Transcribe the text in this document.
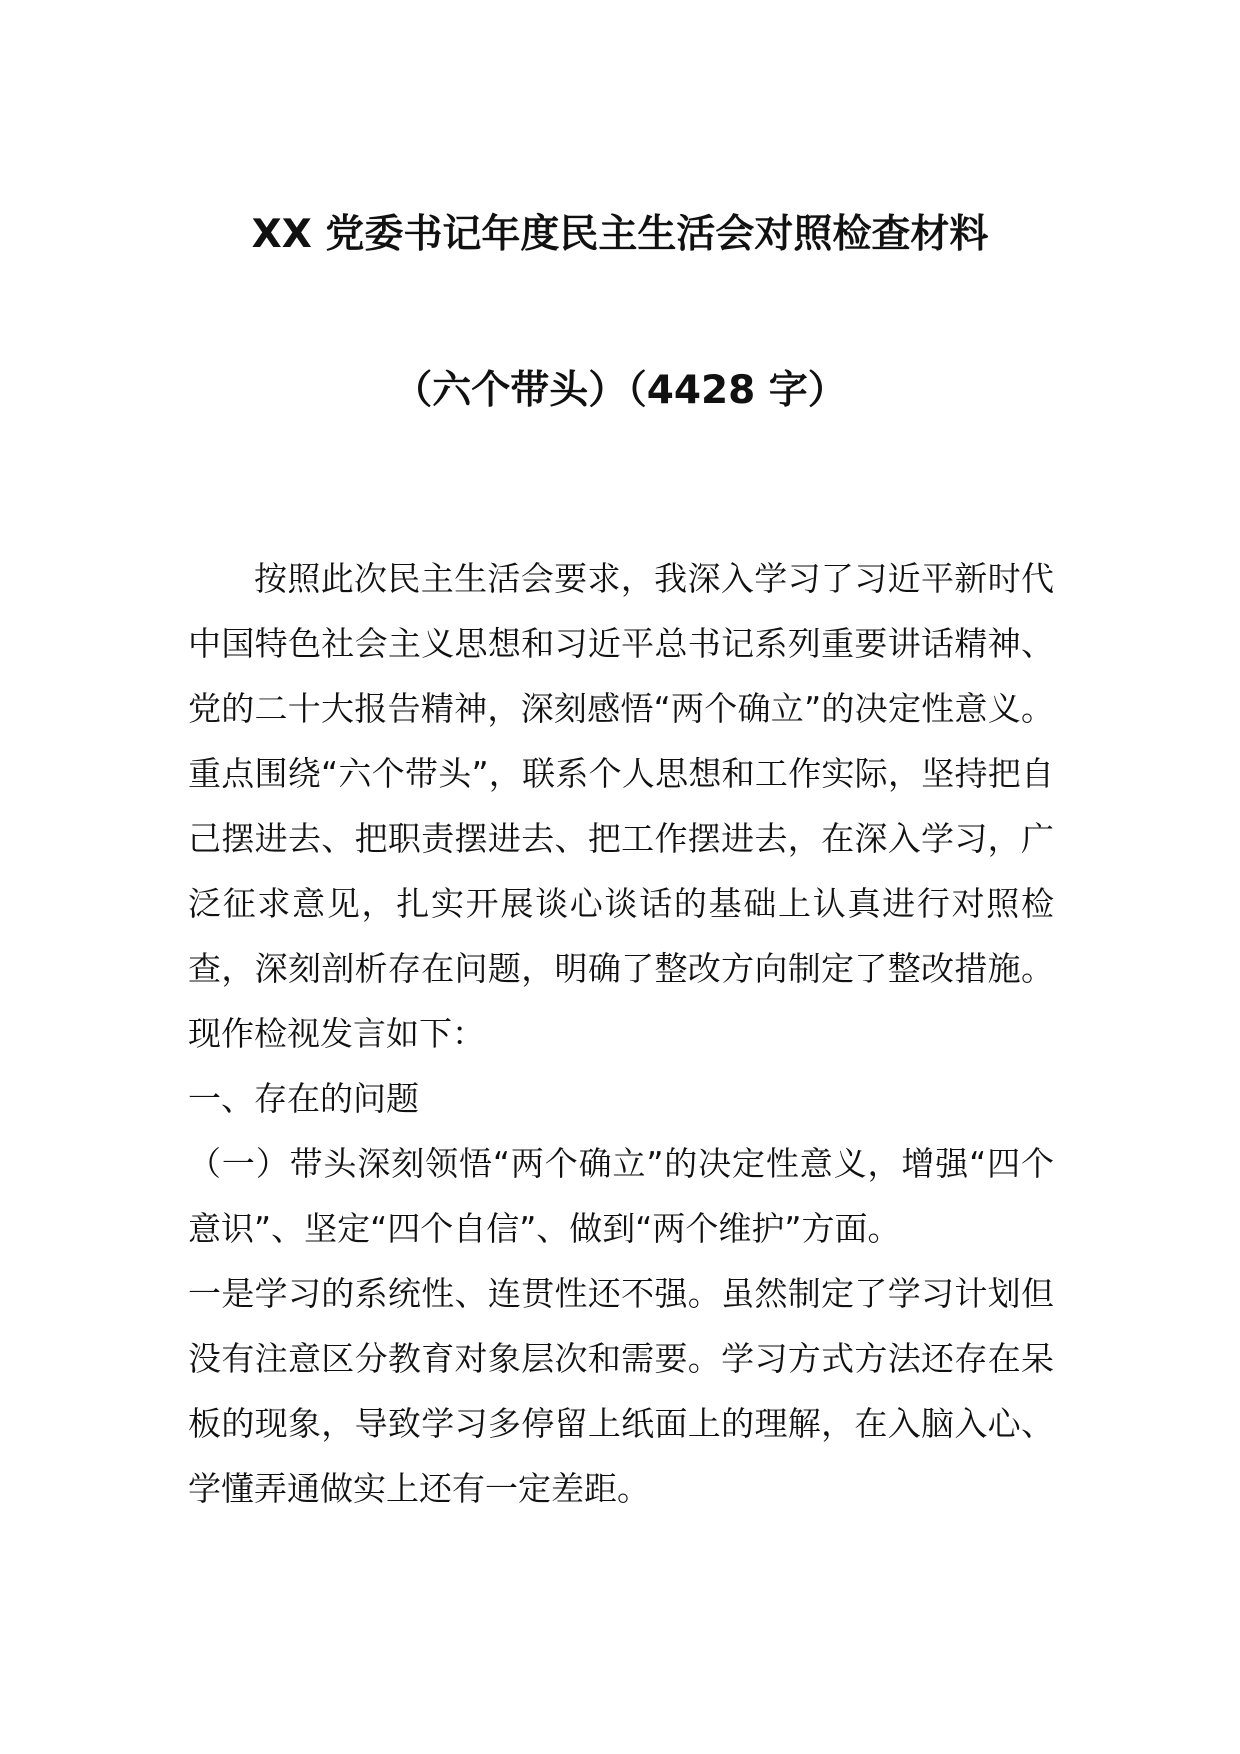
XX 党委书记年度民主生活会对照检查材料
（六个带头）（4428 字）

按照此次民主生活会要求，我深入学习了习近平新时代中国特色社会主义思想和习近平总书记系列重要讲话精神、党的二十大报告精神，深刻感悟“两个确立”的决定性意义。重点围绕“六个带头”，联系个人思想和工作实际，坚持把自己摆进去、把职责摆进去、把工作摆进去，在深入学习，广泛征求意见，扎实开展谈心谈话的基础上认真进行对照检查，深刻剖析存在问题，明确了整改方向制定了整改措施。现作检视发言如下：

一、存在的问题

（一）带头深刻领悟“两个确立”的决定性意义，增强“四个意识”、坚定“四个自信”、做到“两个维护”方面。

一是学习的系统性、连贯性还不强。虽然制定了学习计划但没有注意区分教育对象层次和需要。学习方式方法还存在呆板的现象，导致学习多停留上纸面上的理解，在入脑入心、学懂弄通做实上还有一定差距。
